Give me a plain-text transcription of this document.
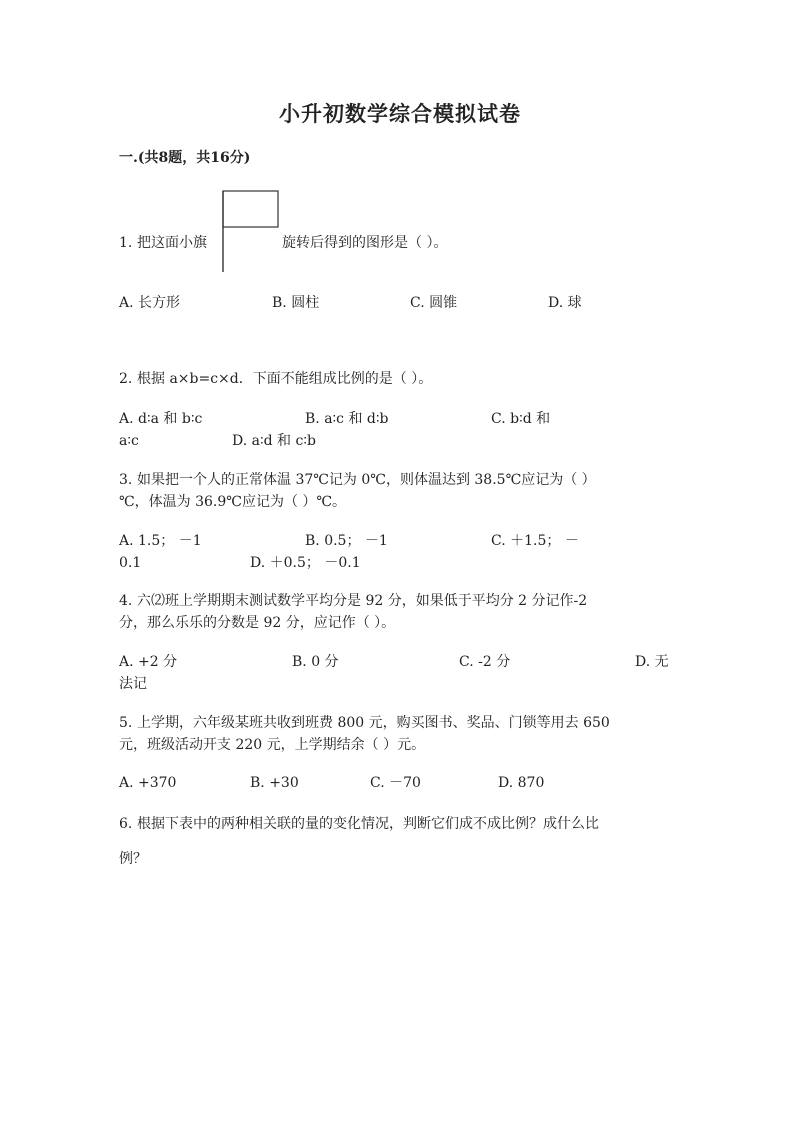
小升初数学综合模拟试卷
一.(共8题，共16分)
1. 把这面小旗	旋转后得到的图形是（ ）。
A. 长方形	B. 圆柱	C. 圆锥	D. 球
2. 根据 a×b=c×d．下面不能组成比例的是（ ）。
A. d∶a 和 b∶c	B. a∶c 和 d∶b	C. b∶d 和
a∶c	D. a∶d 和 c∶b
3. 如果把一个人的正常体温 37℃记为 0℃，则体温达到 38.5℃应记为（ ）
℃，体温为 36.9℃应记为（ ）℃。
A. 1.5； －1	B. 0.5； －1	C. ＋1.5； －
0.1	D. ＋0.5； －0.1
4. 六⑵班上学期期末测试数学平均分是 92 分，如果低于平均分 2 分记作-2
分，那么乐乐的分数是 92 分，应记作（ ）。
A. +2 分	B. 0 分	C. -2 分	D. 无
法记
5. 上学期，六年级某班共收到班费 800 元，购买图书、奖品、门锁等用去 650
元，班级活动开支 220 元，上学期结余（ ）元。
A. +370	B. +30	C. －70	D. 870
6. 根据下表中的两种相关联的量的变化情况，判断它们成不成比例？成什么比
例？
